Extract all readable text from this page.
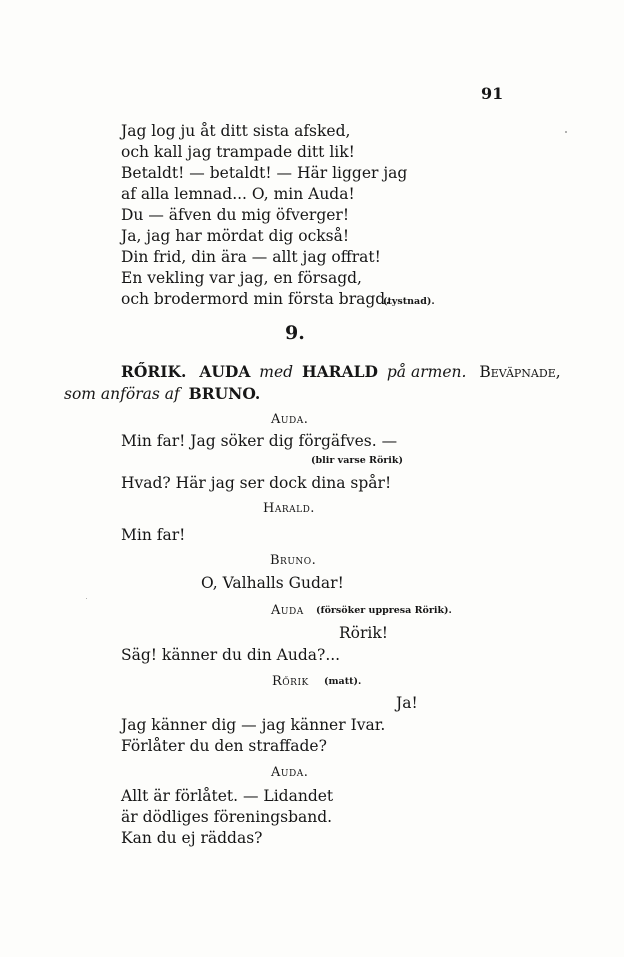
91
Jag log ju åt ditt sista afsked,
och kall jag trampade ditt lik!
Betaldt! — betaldt! — Här ligger jag
af alla lemnad... O, min Auda!
Du — äfven du mig öfverger!
Ja, jag har mördat dig också!
Din frid, din ära — allt jag offrat!
En vekling var jag, en försagd,
och brodermord min första bragd.
(tystnad).
9.
RŐRIK. AUDA med HARALD på armen. Beväpnade,
som anföras af BRUNO.
Auda.
Min far! Jag söker dig förgäfves. —
(blir varse Rörik)
Hvad? Här jag ser dock dina spår!
Harald.
Min far!
Bruno.
O, Valhalls Gudar!
Auda (försöker uppresa Rörik).
Rörik!
Säg! känner du din Auda?...
Rőrik (matt).
Ja!
Jag känner dig — jag känner Ivar.
Förlåter du den straffade?
Auda.
Allt är förlåtet. — Lidandet
är dödliges föreningsband.
Kan du ej räddas?
